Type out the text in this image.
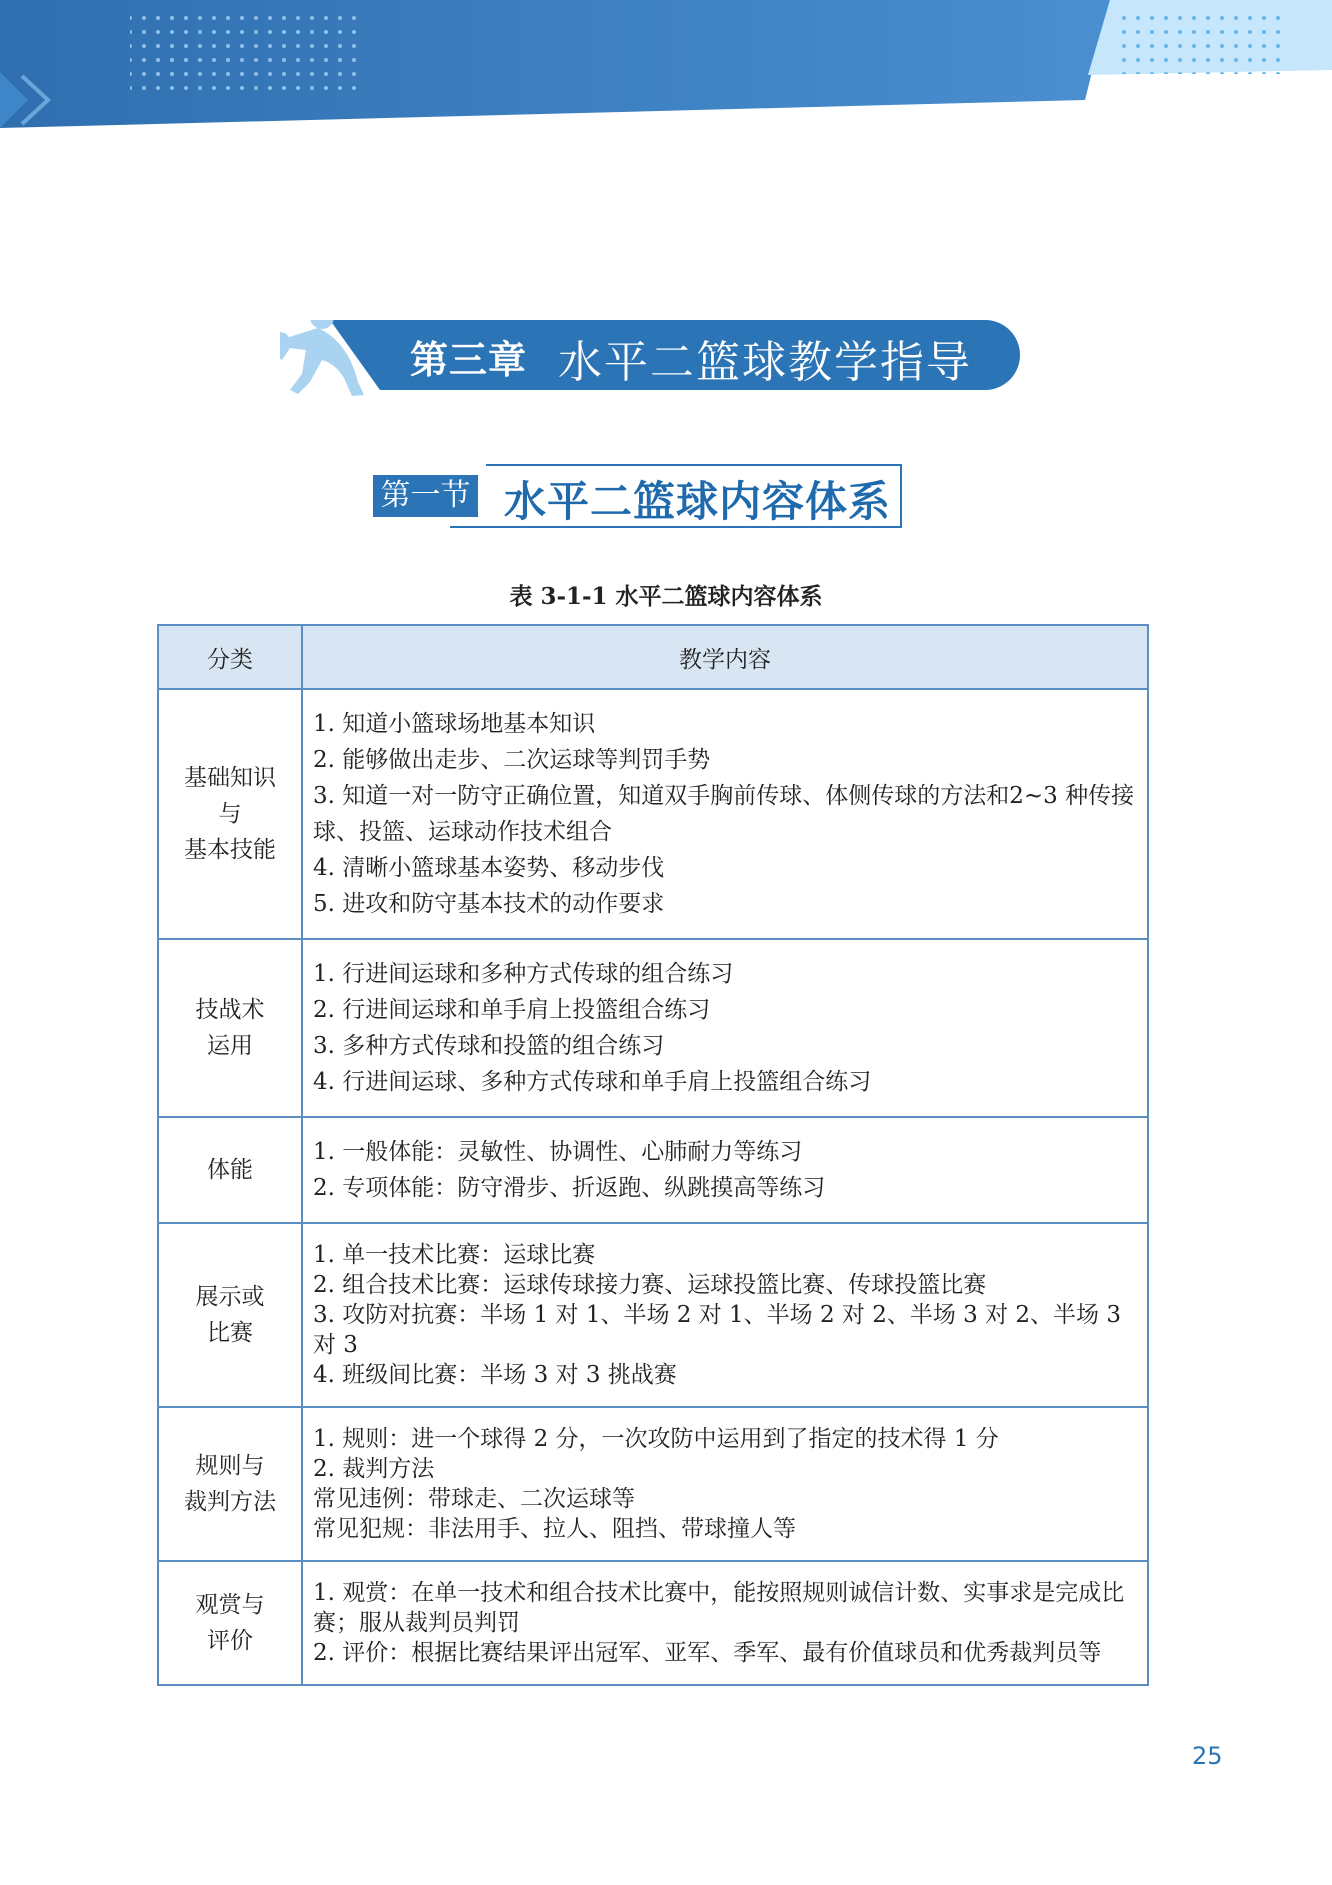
第三章 水平二篮球教学指导
第一节 水平二篮球内容体系
表 3-1-1 水平二篮球内容体系
分类	教学内容
基础知识
与
基本技能	1. 知道小篮球场地基本知识
2. 能够做出走步、二次运球等判罚手势
3. 知道一对一防守正确位置，知道双手胸前传球、体侧传球的方法和2~3 种传接球、投篮、运球动作技术组合
4. 清晰小篮球基本姿势、移动步伐
5. 进攻和防守基本技术的动作要求

技战术
运用	1. 行进间运球和多种方式传球的组合练习
2. 行进间运球和单手肩上投篮组合练习
3. 多种方式传球和投篮的组合练习
4. 行进间运球、多种方式传球和单手肩上投篮组合练习

体能	1. 一般体能：灵敏性、协调性、心肺耐力等练习
2. 专项体能：防守滑步、折返跑、纵跳摸高等练习

展示或
比赛	1. 单一技术比赛：运球比赛
2. 组合技术比赛：运球传球接力赛、运球投篮比赛、传球投篮比赛
3. 攻防对抗赛：半场 1 对 1、半场 2 对 1、半场 2 对 2、半场 3 对 2、半场 3 对 3
4. 班级间比赛：半场 3 对 3 挑战赛

规则与
裁判方法	1. 规则：进一个球得 2 分，一次攻防中运用到了指定的技术得 1 分
2. 裁判方法
常见违例：带球走、二次运球等
常见犯规：非法用手、拉人、阻挡、带球撞人等

观赏与
评价	1. 观赏：在单一技术和组合技术比赛中，能按照规则诚信计数、实事求是完成比赛；服从裁判员判罚
2. 评价：根据比赛结果评出冠军、亚军、季军、最有价值球员和优秀裁判员等
25
